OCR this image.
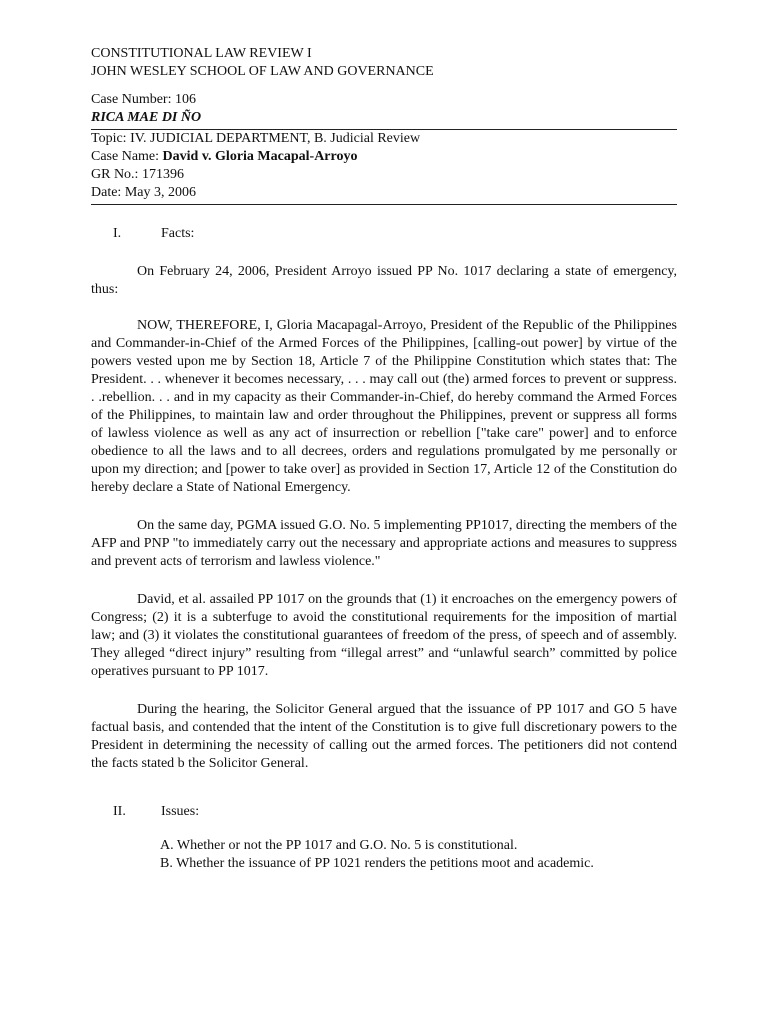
CONSTITUTIONAL LAW REVIEW I
JOHN WESLEY SCHOOL OF LAW AND GOVERNANCE
Case Number: 106
RICA MAE DI ÑO
Topic: IV. JUDICIAL DEPARTMENT, B. Judicial Review
Case Name: David v. Gloria Macapal-Arroyo
GR No.: 171396
Date: May 3, 2006
I.	Facts:

On February 24, 2006, President Arroyo issued PP No. 1017 declaring a state of emergency, thus:

NOW, THEREFORE, I, Gloria Macapagal-Arroyo, President of the Republic of the Philippines and Commander-in-Chief of the Armed Forces of the Philippines, [calling-out power] by virtue of the powers vested upon me by Section 18, Article 7 of the Philippine Constitution which states that: The President. . . whenever it becomes necessary, . . . may call out (the) armed forces to prevent or suppress. . .rebellion. . . and in my capacity as their Commander-in-Chief, do hereby command the Armed Forces of the Philippines, to maintain law and order throughout the Philippines, prevent or suppress all forms of lawless violence as well as any act of insurrection or rebellion ["take care" power] and to enforce obedience to all the laws and to all decrees, orders and regulations promulgated by me personally or upon my direction; and [power to take over] as provided in Section 17, Article 12 of the Constitution do hereby declare a State of National Emergency.

On the same day, PGMA issued G.O. No. 5 implementing PP1017, directing the members of the AFP and PNP "to immediately carry out the necessary and appropriate actions and measures to suppress and prevent acts of terrorism and lawless violence."

David, et al. assailed PP 1017 on the grounds that (1) it encroaches on the emergency powers of Congress; (2) it is a subterfuge to avoid the constitutional requirements for the imposition of martial law; and (3) it violates the constitutional guarantees of freedom of the press, of speech and of assembly. They alleged “direct injury” resulting from “illegal arrest” and “unlawful search” committed by police operatives pursuant to PP 1017.

During the hearing, the Solicitor General argued that the issuance of PP 1017 and GO 5 have factual basis, and contended that the intent of the Constitution is to give full discretionary powers to the President in determining the necessity of calling out the armed forces. The petitioners did not contend the facts stated b the Solicitor General.

II.	Issues:
A. Whether or not the PP 1017 and G.O. No. 5 is constitutional.
B. Whether the issuance of PP 1021 renders the petitions moot and academic.
